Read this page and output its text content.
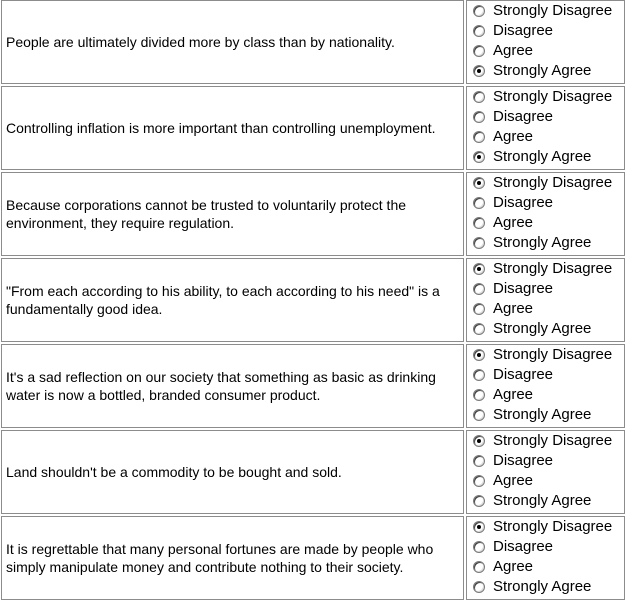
People are ultimately divided more by class than by nationality.
Strongly Disagree
Disagree
Agree
Strongly Agree
Controlling inflation is more important than controlling unemployment.
Strongly Disagree
Disagree
Agree
Strongly Agree
Because corporations cannot be trusted to voluntarily protect the environment, they require regulation.
Strongly Disagree
Disagree
Agree
Strongly Agree
"From each according to his ability, to each according to his need" is a fundamentally good idea.
Strongly Disagree
Disagree
Agree
Strongly Agree
It's a sad reflection on our society that something as basic as drinking water is now a bottled, branded consumer product.
Strongly Disagree
Disagree
Agree
Strongly Agree
Land shouldn't be a commodity to be bought and sold.
Strongly Disagree
Disagree
Agree
Strongly Agree
It is regrettable that many personal fortunes are made by people who simply manipulate money and contribute nothing to their society.
Strongly Disagree
Disagree
Agree
Strongly Agree
